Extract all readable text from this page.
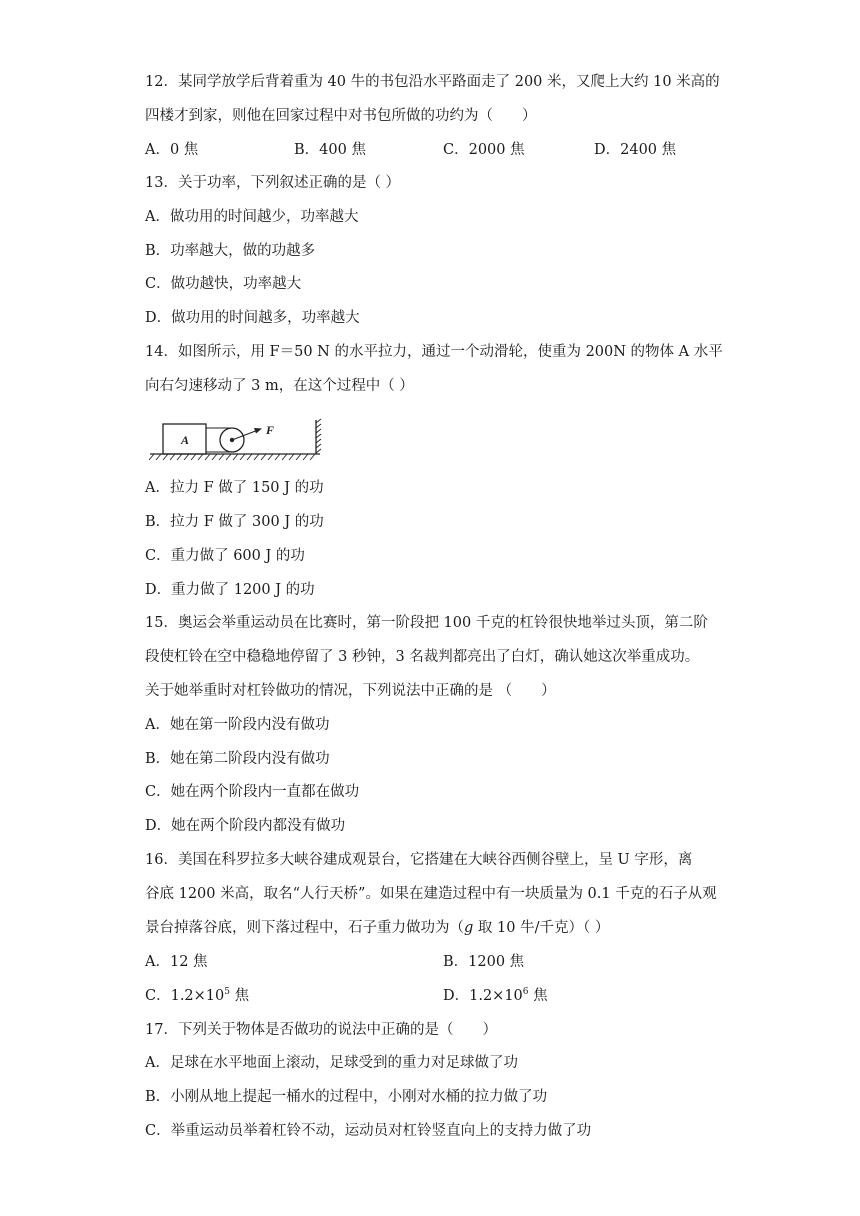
12．某同学放学后背着重为 40 牛的书包沿水平路面走了 200 米，又爬上大约 10 米高的
四楼才到家，则他在回家过程中对书包所做的功约为（　　）
A．0 焦	B．400 焦	C．2000 焦	D．2400 焦
13．关于功率，下列叙述正确的是（ ）
A．做功用的时间越少，功率越大
B．功率越大，做的功越多
C．做功越快，功率越大
D．做功用的时间越多，功率越大
14．如图所示，用 F＝50 N 的水平拉力，通过一个动滑轮，使重为 200N 的物体 A 水平
向右匀速移动了 3 m，在这个过程中（ ）
A
F
A．拉力 F 做了 150 J 的功
B．拉力 F 做了 300 J 的功
C．重力做了 600 J 的功
D．重力做了 1200 J 的功
15．奥运会举重运动员在比赛时，第一阶段把 100 千克的杠铃很快地举过头顶，第二阶
段使杠铃在空中稳稳地停留了 3 秒钟，3 名裁判都亮出了白灯，确认她这次举重成功。
关于她举重时对杠铃做功的情况，下列说法中正确的是 （　　）
A．她在第一阶段内没有做功
B．她在第二阶段内没有做功
C．她在两个阶段内一直都在做功
D．她在两个阶段内都没有做功
16．美国在科罗拉多大峡谷建成观景台，它搭建在大峡谷西侧谷壁上，呈 U 字形，离
谷底 1200 米高，取名“人行天桥”。如果在建造过程中有一块质量为 0.1 千克的石子从观
景台掉落谷底，则下落过程中，石子重力做功为（g 取 10 牛/千克）（ ）
A．12 焦	B．1200 焦
C．$1.2\times 10^5$ 焦	D．$1.2\times 10^6$ 焦
17．下列关于物体是否做功的说法中正确的是（　　）
A．足球在水平地面上滚动，足球受到的重力对足球做了功
B．小刚从地上提起一桶水的过程中，小刚对水桶的拉力做了功
C．举重运动员举着杠铃不动，运动员对杠铃竖直向上的支持力做了功
